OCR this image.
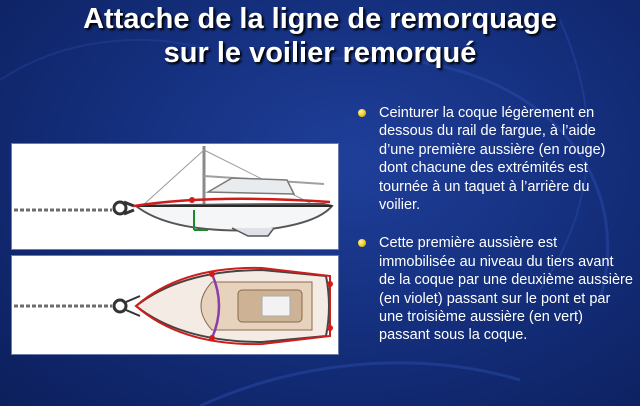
Attache de la ligne de remorquage
sur le voilier remorqué
Ceinturer la coque légèrement en dessous du rail de fargue, à l’aide d’une première aussière (en rouge) dont chacune des extrémités est tournée à un taquet à l’arrière du voilier.
Cette première aussière est immobilisée au niveau du tiers avant de la coque par une deuxième aussière (en violet) passant sur le pont et par une troisième aussière (en vert) passant sous la coque.
